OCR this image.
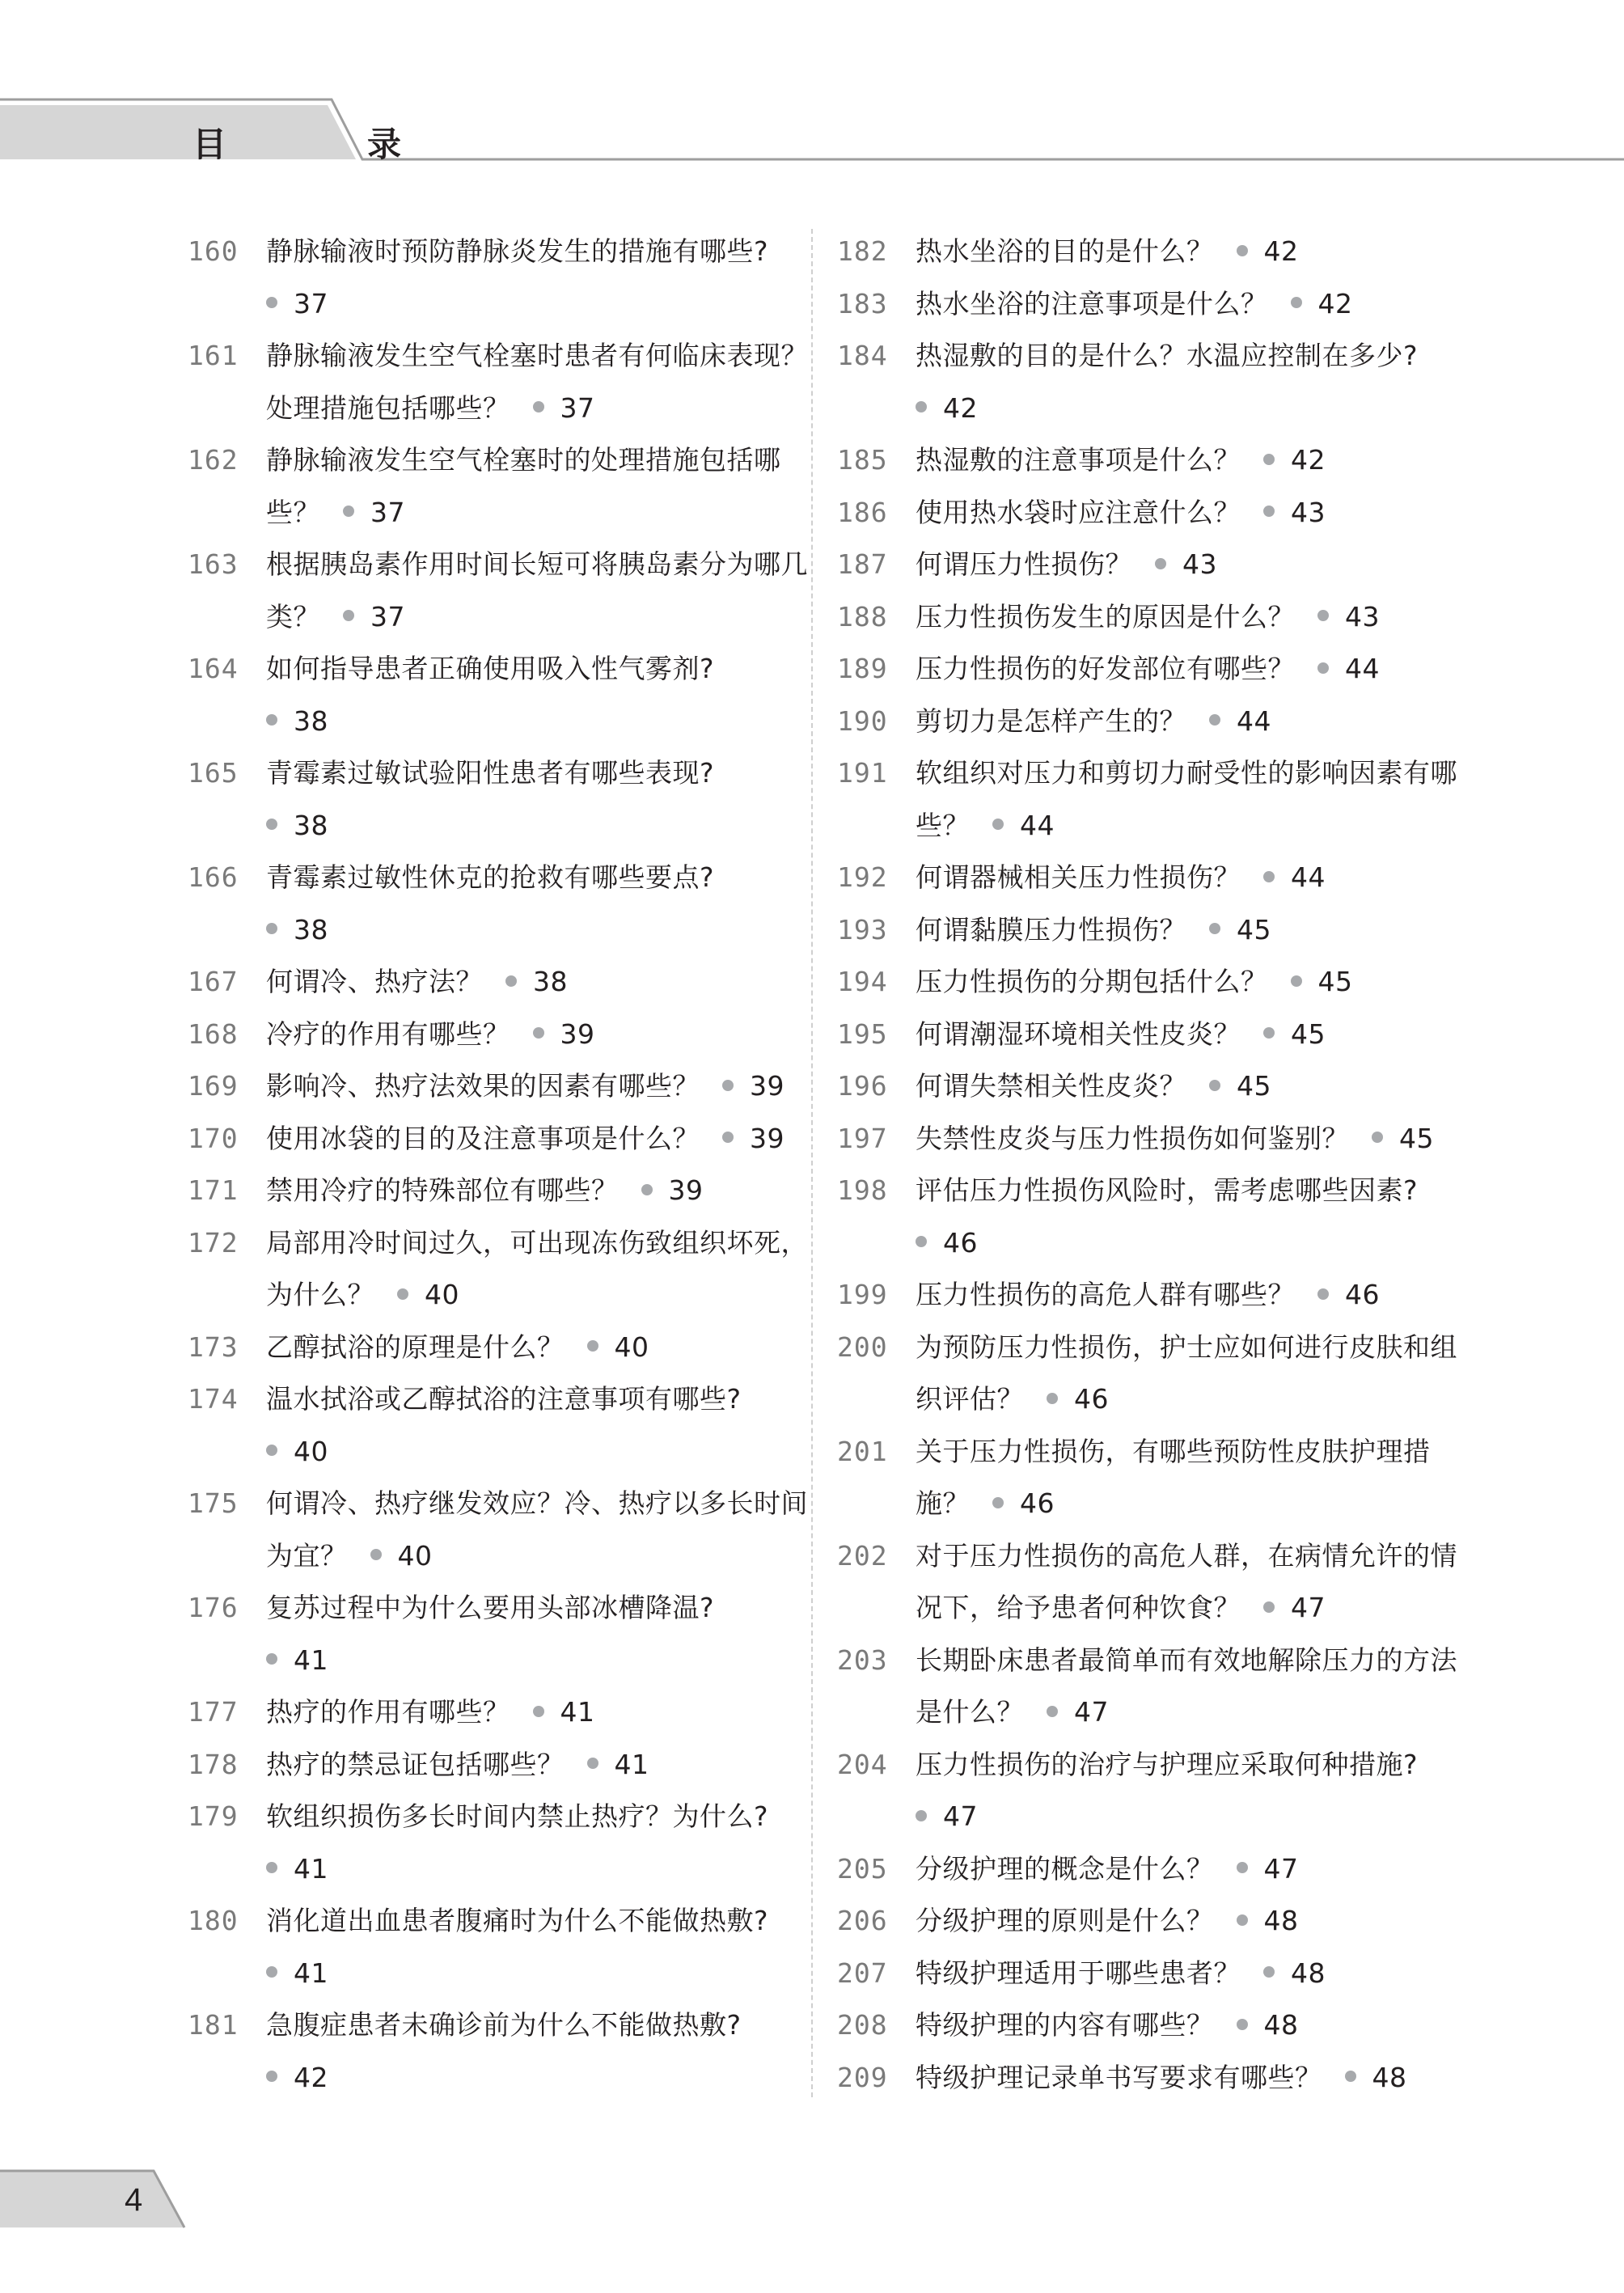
目　录
160 静脉输液时预防静脉炎发生的措施有哪些?
37
161 静脉输液发生空气栓塞时患者有何临床表现？处理措施包括哪些？ 37
162 静脉输液发生空气栓塞时的处理措施包括哪些？ 37
163 根据胰岛素作用时间长短可将胰岛素分为哪几类？ 37
164 如何指导患者正确使用吸入性气雾剂?
38
165 青霉素过敏试验阳性患者有哪些表现?
38
166 青霉素过敏性休克的抢救有哪些要点?
38
167 何谓冷、热疗法？ 38
168 冷疗的作用有哪些？ 39
169 影响冷、热疗法效果的因素有哪些？ 39
170 使用冰袋的目的及注意事项是什么？ 39
171 禁用冷疗的特殊部位有哪些？ 39
172 局部用冷时间过久，可出现冻伤致组织坏死，为什么？ 40
173 乙醇拭浴的原理是什么？ 40
174 温水拭浴或乙醇拭浴的注意事项有哪些?
40
175 何谓冷、热疗继发效应？冷、热疗以多长时间为宜？ 40
176 复苏过程中为什么要用头部冰槽降温?
41
177 热疗的作用有哪些？ 41
178 热疗的禁忌证包括哪些？ 41
179 软组织损伤多长时间内禁止热疗？为什么?
41
180 消化道出血患者腹痛时为什么不能做热敷?
41
181 急腹症患者未确诊前为什么不能做热敷?
42
182 热水坐浴的目的是什么？ 42
183 热水坐浴的注意事项是什么？ 42
184 热湿敷的目的是什么？水温应控制在多少?
42
185 热湿敷的注意事项是什么？ 42
186 使用热水袋时应注意什么？ 43
187 何谓压力性损伤？ 43
188 压力性损伤发生的原因是什么？ 43
189 压力性损伤的好发部位有哪些？ 44
190 剪切力是怎样产生的？ 44
191 软组织对压力和剪切力耐受性的影响因素有哪些？ 44
192 何谓器械相关压力性损伤？ 44
193 何谓黏膜压力性损伤？ 45
194 压力性损伤的分期包括什么？ 45
195 何谓潮湿环境相关性皮炎？ 45
196 何谓失禁相关性皮炎？ 45
197 失禁性皮炎与压力性损伤如何鉴别？ 45
198 评估压力性损伤风险时，需考虑哪些因素?
46
199 压力性损伤的高危人群有哪些？ 46
200 为预防压力性损伤，护士应如何进行皮肤和组织评估？ 46
201 关于压力性损伤，有哪些预防性皮肤护理措施？ 46
202 对于压力性损伤的高危人群，在病情允许的情况下，给予患者何种饮食？ 47
203 长期卧床患者最简单而有效地解除压力的方法是什么？ 47
204 压力性损伤的治疗与护理应采取何种措施?
47
205 分级护理的概念是什么？ 47
206 分级护理的原则是什么？ 48
207 特级护理适用于哪些患者？ 48
208 特级护理的内容有哪些？ 48
209 特级护理记录单书写要求有哪些？ 48
4
